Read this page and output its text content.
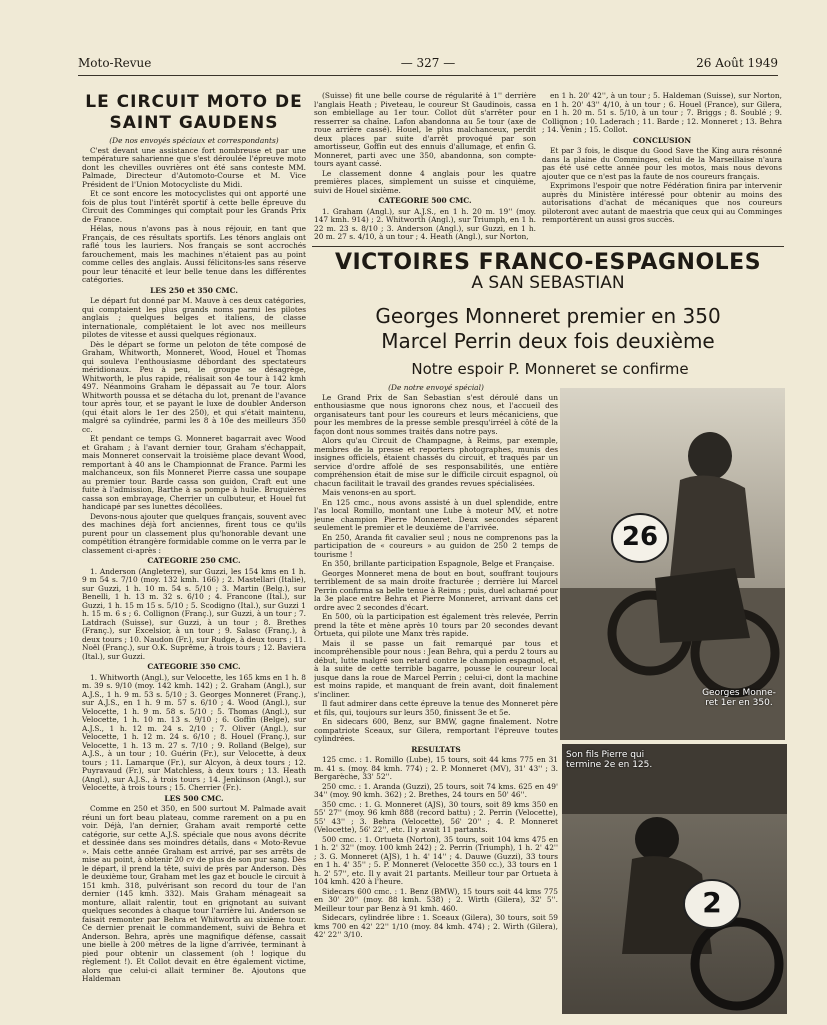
Moto-Revue	— 327 —	26 Août 1949
LE CIRCUIT MOTO DE
SAINT GAUDENS

(De nos envoyés spéciaux et correspondants)

C'est devant une assistance fort nombreuse et par une température saharienne que s'est déroulée l'épreuve moto dont les chevilles ouvrières ont été sans conteste MM. Palmade, Directeur d'Automoto-Course et M. Vice Président de l'Union Motocycliste du Midi.

Et ce sont encore les motocyclistes qui ont apporté une fois de plus tout l'intérêt sportif à cette belle épreuve du Circuit des Comminges qui comptait pour les Grands Prix de France.

Hélas, nous n'avons pas à nous réjouir, en tant que Français, de ces résultats sportifs. Les ténors anglais ont raflé tous les lauriers. Nos français se sont accrochés farouchement, mais les machines n'étaient pas au point comme celles des anglais. Aussi félicitons-les sans réserve pour leur ténacité et leur belle tenue dans les différentes catégories.

LES 250 et 350 CMC.

Le départ fut donné par M. Mauve à ces deux catégories, qui comptaient les plus grands noms parmi les pilotes anglais ; quelques belges et italiens, de classe internationale, complétaient le lot avec nos meilleurs pilotes de vitesse et aussi quelques régionaux.

Dès le départ se forme un peloton de tête composé de Graham, Whitworth, Monneret, Wood, Houel et Thomas qui souleva l'enthousiasme débordant des spectateurs méridionaux. Peu à peu, le groupe se désagrège, Whitworth, le plus rapide, réalisait son 4e tour à 142 kmh 497. Néanmoins Graham le dépassait au 7e tour. Alors Whitworth poussa et se détacha du lot, prenant de l'avance tour après tour, et se payant le luxe de doubler Anderson (qui était alors le 1er des 250), et qui s'était maintenu, malgré sa cylindrée, parmi les 8 à 10e des meilleurs 350 cc.

Et pendant ce temps G. Monneret bagarrait avec Wood et Graham ; à l'avant dernier tour, Graham s'échappait, mais Monneret conservait la troisième place devant Wood, remportant à 40 ans le Championnat de France. Parmi les malchanceux, son fils Monneret Pierre cassa une soupape au premier tour. Barde cassa son guidon, Craft eut une fuite à l'admission, Barthe à sa pompe à huile. Bruguières cassa son embrayage, Cherrier un culbuteur, et Houel fut handicapé par ses lunettes décollées.

Devons-nous ajouter que quelques français, souvent avec des machines déjà fort anciennes, firent tous ce qu'ils purent pour un classement plus qu'honorable devant une compétition étrangère formidable comme on le verra par le classement ci-après :

CATEGORIE 250 CMC.

1. Anderson (Angleterre), sur Guzzi, les 154 kms en 1 h. 9 m 54 s. 7/10 (moy. 132 kmh. 166) ; 2. Mastellari (Italie), sur Guzzi, 1 h. 10 m. 54 s. 5/10 ; 3. Martin (Belg.), sur Benelli, 1 h. 13 m. 32 s. 6/10 ; 4. Francone (Ital.), sur Guzzi, 1 h. 15 m 15 s. 5/10 ; 5. Scodigno (Ital.), sur Guzzi 1 h. 15 m. 6 s ; 6. Collignon (Franç.), sur Guzzi, à un tour ; 7. Latdrach (Suisse), sur Guzzi, à un tour ; 8. Brethes (Franç.), sur Excelsior, à un tour ; 9. Salasc (Franç.), à deux tours ; 10. Naudon (Fr.), sur Rudge, à deux tours ; 11. Noël (Franç.), sur O.K. Suprême, à trois tours ; 12. Baviera (Ital.), sur Guzzi.

CATEGORIE 350 CMC.

1. Whitworth (Angl.), sur Velocette, les 165 kms en 1 h. 8 m. 39 s. 9/10 (moy. 142 kmh. 142) ; 2. Graham (Angl.), sur A.J.S., 1 h. 9 m. 53 s. 5/10 ; 3. Georges Monneret (Franç.), sur A.J.S., en 1 h. 9 m. 57 s. 6/10 ; 4. Wood (Angl.), sur Velocette, 1 h. 9 m. 58 s. 5/10 ; 5. Thomas (Angl.), sur Velocette, 1 h. 10 m. 13 s. 9/10 ; 6. Goffin (Belge), sur A.J.S., 1 h. 12 m. 24 s. 2/10 ; 7. Oliver (Angl.), sur Velocette, 1 h. 12 m. 24 s. 6/10 ; 8. Houel (Franç.), sur Velocette, 1 h. 13 m. 27 s. 7/10 ; 9. Rolland (Belge), sur A.J.S., à un tour ; 10. Guérin (Fr.), sur Velocette, à deux tours ; 11. Lamarque (Fr.), sur Alcyon, à deux tours ; 12. Puyravaud (Fr.), sur Matchless, à deux tours ; 13. Heath (Angl.), sur A.J.S., à trois tours ; 14. Jenkinson (Angl.), sur Velocette, à trois tours ; 15. Cherrier (Fr.).

LES 500 CMC.

Comme en 250 et 350, en 500 surtout M. Palmade avait réuni un fort beau plateau, comme rarement on a pu en voir. Déjà, l'an dernier, Graham avait remporté cette catégorie, sur cette A.J.S. spéciale que nous avons décrite et dessinée dans ses moindres détails, dans « Moto-Revue ». Mais cette année Graham est arrivé, par ses arrêts de mise au point, à obtenir 20 cv de plus de son pur sang. Dès le départ, il prend la tête, suivi de près par Anderson. Dès le deuxième tour, Graham met les gaz et boucle le circuit à 151 kmh. 318, pulvérisant son record du tour de l'an dernier (145 kmh. 332). Mais Graham ménageait sa monture, allait ralentir, tout en grignotant au suivant quelques secondes à chaque tour l'arrière lui. Anderson se faisait remonter par Behra et Whitworth au sixième tour. Ce dernier prenait le commandement, suivi de Behra et Anderson. Behra, après une magnifique défense, cassait une bielle à 200 mètres de la ligne d'arrivée, terminant à pied pour obtenir un classement (oh ! logique du règlement !). Et Collot devait en être également victime, alors que celui-ci allait terminer 8e. Ajoutons que Haldeman

(Suisse) fit une belle course de régularité à 1'' derrière l'anglais Heath ; Piveteau, le coureur St Gaudinois, cassa son embiellage au 1er tour. Collot dût s'arrêter pour resserrer sa chaîne. Lafon abandonna au 5e tour (axe de roue arrière cassé). Houel, le plus malchanceux, perdit deux places par suite d'arrêt provoqué par son amortisseur, Goffin eut des ennuis d'allumage, et enfin G. Monneret, parti avec une 350, abandonna, son compte-tours ayant cassé.

Le classement donne 4 anglais pour les quatre premières places, simplement un suisse et cinquième, suivi de Houel sixième.

CATEGORIE 500 CMC.

1. Graham (Angl.), sur A.J.S., en 1 h. 20 m. 19'' (moy. 147 kmh. 914) ; 2. Whitworth (Angl.), sur Triumph, en 1 h. 22 m. 23 s. 8/10 ; 3. Anderson (Angl.), sur Guzzi, en 1 h. 20 m. 27 s. 4/10, à un tour ; 4. Heath (Angl.), sur Norton,

en 1 h. 20' 42'', à un tour ; 5. Haldeman (Suisse), sur Norton, en 1 h. 20' 43'' 4/10, à un tour ; 6. Houel (France), sur Gilera, en 1 h. 20 m. 51 s. 5/10, à un tour ; 7. Briggs ; 8. Soublé ; 9. Collignon ; 10. Laderach ; 11. Barde ; 12. Monneret ; 13. Behra ; 14. Venin ; 15. Collot.

CONCLUSION

Et par 3 fois, le disque du Good Save the King aura résonné dans la plaine du Comminges, celui de la Marseillaise n'aura pas été usé cette année pour les motos, mais nous devons ajouter que ce n'est pas la faute de nos coureurs français.

Exprimons l'espoir que notre Fédération finira par intervenir auprès du Ministère intéressé pour obtenir au moins des autorisations d'achat de mécaniques que nos coureurs piloteront avec autant de maestria que ceux qui au Comminges remportèrent un aussi gros succès.

VICTOIRES FRANCO-ESPAGNOLES
A SAN SEBASTIAN
Georges Monneret premier en 350
Marcel Perrin deux fois deuxième
Notre espoir P. Monneret se confirme

(De notre envoyé spécial)

Le Grand Prix de San Sebastian s'est déroulé dans un enthousiasme que nous ignorons chez nous, et l'accueil des organisateurs tant pour les coureurs et leurs mécaniciens, que pour les membres de la presse semble presqu'irréel à côté de la façon dont nous sommes traités dans notre pays.

Alors qu'au Circuit de Champagne, à Reims, par exemple, membres de la presse et reporters photographes, munis des insignes officiels, étaient chassés du circuit, et traqués par un service d'ordre affolé de ses responsabilités, une entière compréhension était de mise sur le difficile circuit espagnol, où chacun facilitait le travail des grandes revues spécialisées.

Mais venons-en au sport.

En 125 cmc., nous avons assisté à un duel splendide, entre l'as local Romillo, montant une Lube à moteur MV, et notre jeune champion Pierre Monneret. Deux secondes séparent seulement le premier et le deuxième de l'arrivée.

En 250, Aranda fit cavalier seul ; nous ne comprenons pas la participation de « coureurs » au guidon de 250 2 temps de tourisme !

En 350, brillante participation Espagnole, Belge et Française.

Georges Monneret mena de bout en bout, souffrant toujours terriblement de sa main droite fracturée ; derrière lui Marcel Perrin confirma sa belle tenue à Reims ; puis, duel acharné pour la 3e place entre Behra et Pierre Monneret, arrivant dans cet ordre avec 2 secondes d'écart.

En 500, où la participation est également très relevée, Perrin prend la tête et mène après 10 tours par 20 secondes devant Ortueta, qui pilote une Manx très rapide.

Mais il se passe un fait remarqué par tous et incompréhensible pour nous : Jean Behra, qui a perdu 2 tours au début, lutte malgré son retard contre le champion espagnol, et, à la suite de cette terrible bagarre, pousse le coureur local jusque dans la roue de Marcel Perrin ; celui-ci, dont la machine est moins rapide, et manquant de frein avant, doit finalement s'incliner.

Il faut admirer dans cette épreuve la tenue des Monneret père et fils, qui, toujours sur leurs 350, finissent 3e et 5e.

En sidecars 600, Benz, sur BMW, gagne finalement. Notre compatriote Sceaux, sur Gilera, remportant l'épreuve toutes cylindrées.

RESULTATS

125 cmc. : 1. Romillo (Lube), 15 tours, soit 44 kms 775 en 31 m. 41 s. (moy. 84 kmh. 774) ; 2. P. Monneret (MV), 31' 43'' ; 3. Bergarèche, 33' 52''.

250 cmc. : 1. Aranda (Guzzi), 25 tours, soit 74 kms. 625 en 49' 34'' (moy. 90 kmh. 362) ; 2. Brethes, 24 tours en 50' 46''.

350 cmc. : 1. G. Monneret (AJS), 30 tours, soit 89 kms 350 en 55' 27'' (moy. 96 kmh 888 (record battu) ; 2. Perrin (Velocette), 55' 43'' ; 3. Behra (Velocette), 56' 20'' ; 4. P. Monneret (Velocette), 56' 22'', etc. Il y avait 11 partants.

500 cmc. : 1. Ortueta (Norton), 35 tours, soit 104 kms 475 en 1 h. 2' 32'' (moy. 100 kmh 242) ; 2. Perrin (Triumph), 1 h. 2' 42'' ; 3. G. Monneret (AJS), 1 h. 4' 14'' ; 4. Dauwe (Guzzi), 33 tours en 1 h. 4' 35'' ; 5. P. Monneret (Velocette 350 cc.), 33 tours en 1 h. 2' 57'', etc. Il y avait 21 partants. Meilleur tour par Ortueta à 104 kmh. 420 à l'heure.

Sidecars 600 cmc. : 1. Benz (BMW), 15 tours soit 44 kms 775 en 30' 20'' (moy. 88 kmh. 538) ; 2. Wirth (Gilera), 32' 5''. Meilleur tour par Benz à 91 kmh. 460.

Sidecars, cylindrée libre : 1. Sceaux (Gilera), 30 tours, soit 59 kms 700 en 42' 22'' 1/10 (moy. 84 kmh. 474) ; 2. Wirth (Gilera), 42' 22'' 3/10.

26
Georges Monne-
ret 1er en 350.
2
Son fils Pierre qui
termine 2e en 125.
